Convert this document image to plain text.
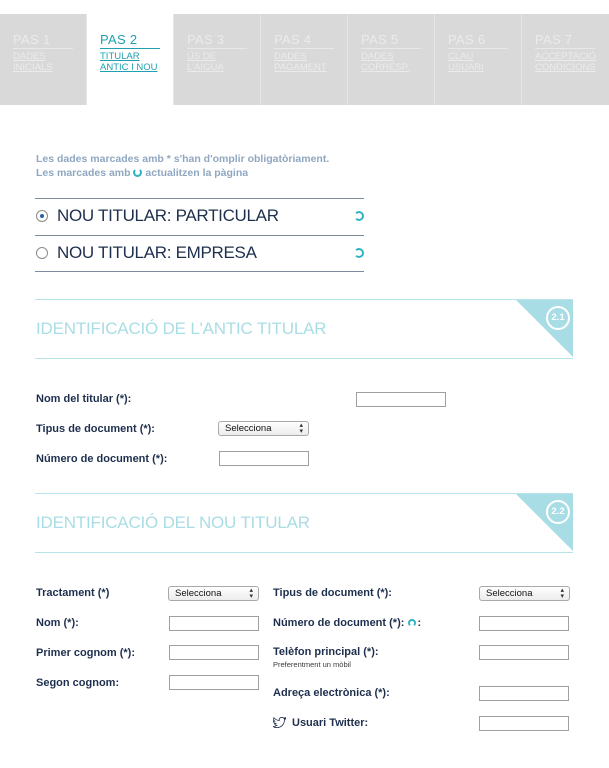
PAS 1
DADES
INICIALS
PAS 2
TITULAR
ANTIC I NOU
PAS 3
ÚS DE
L'AIGUA
PAS 4
DADES
PAGAMENT
PAS 5
DADES
CORRESP.
PAS 6
CLAU
USUARI
PAS 7
ACCEPTACIÓ
CONDICIONS
Les dades marcades amb * s'han d'omplir obligatòriament.
Les marcades amb actualitzen la pàgina
NOU TITULAR: PARTICULAR
NOU TITULAR: EMPRESA
IDENTIFICACIÓ DE L'ANTIC TITULAR
2.1
Nom del titular (*):
Tipus de document (*):	Selecciona	▴
▾
Número de document (*):
IDENTIFICACIÓ DEL NOU TITULAR
2.2
Tractament (*)	Selecciona	▴
▾
Nom (*):
Primer cognom (*):
Segon cognom:
Tipus de document (*):	Selecciona	▴
▾
Número de document (*): :
Telèfon principal (*):
Preferentment un mòbil
Adreça electrònica (*):
Usuari Twitter:
